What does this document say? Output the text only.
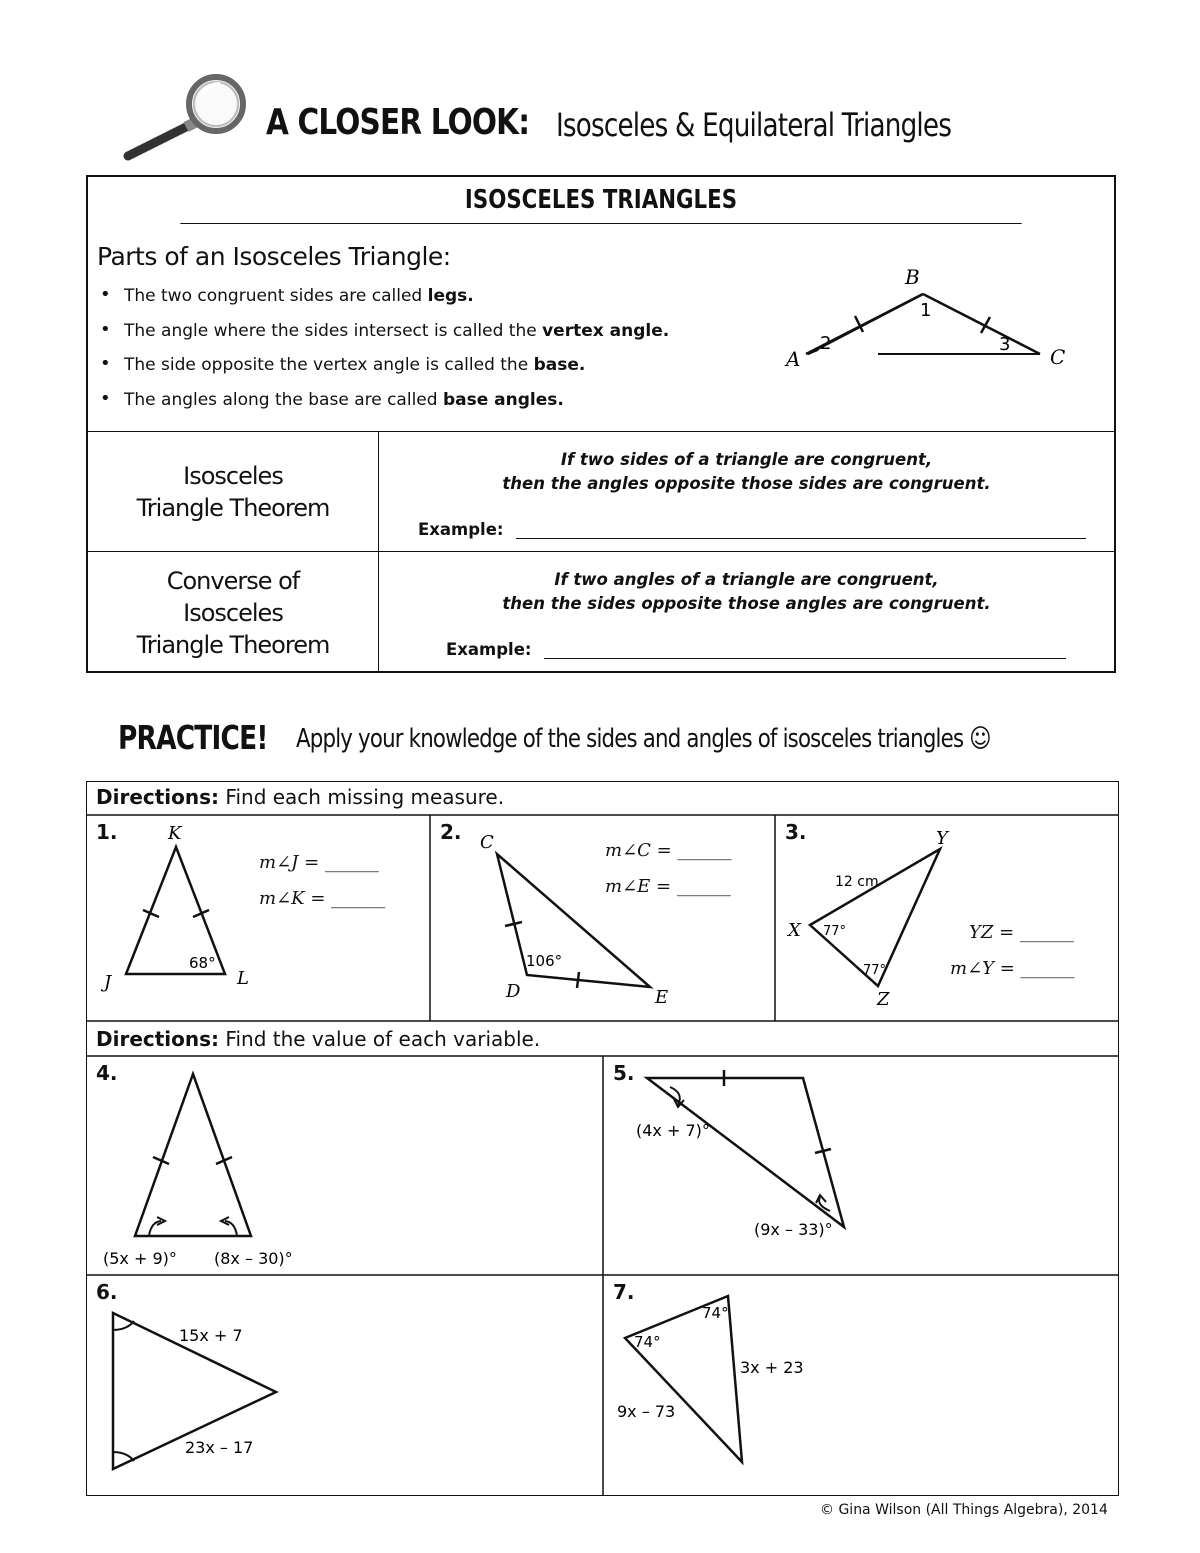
A CLOSER LOOK: Isosceles & Equilateral Triangles
ISOSCELES TRIANGLES
Parts of an Isosceles Triangle:
• The two congruent sides are called legs.
• The angle where the sides intersect is called the vertex angle.
• The side opposite the vertex angle is called the base.
• The angles along the base are called base angles.
B
1
2	3
A	C
Isosceles
Triangle Theorem
If two sides of a triangle are congruent,
then the angles opposite those sides are congruent.
Example:
Converse of
Isosceles
Triangle Theorem
If two angles of a triangle are congruent,
then the sides opposite those angles are congruent.
Example:
PRACTICE! Apply your knowledge of the sides and angles of isosceles triangles ☺
Directions: Find each missing measure.
Directions: Find the value of each variable.
1.	K
J	L
68°
m∠J = ______
m∠K = ______
2. C
D	E
106°
m∠C = ______
m∠E = ______
3.	Y
X
Z
12 cm
77°
77°
YZ = ______
m∠Y = ______
4.
(5x + 9)° (8x – 30)°
5.
(4x + 7)°
(9x – 33)°
6.
15x + 7
23x – 17
7.
74°
74°
3x + 23
9x – 73
© Gina Wilson (All Things Algebra), 2014
